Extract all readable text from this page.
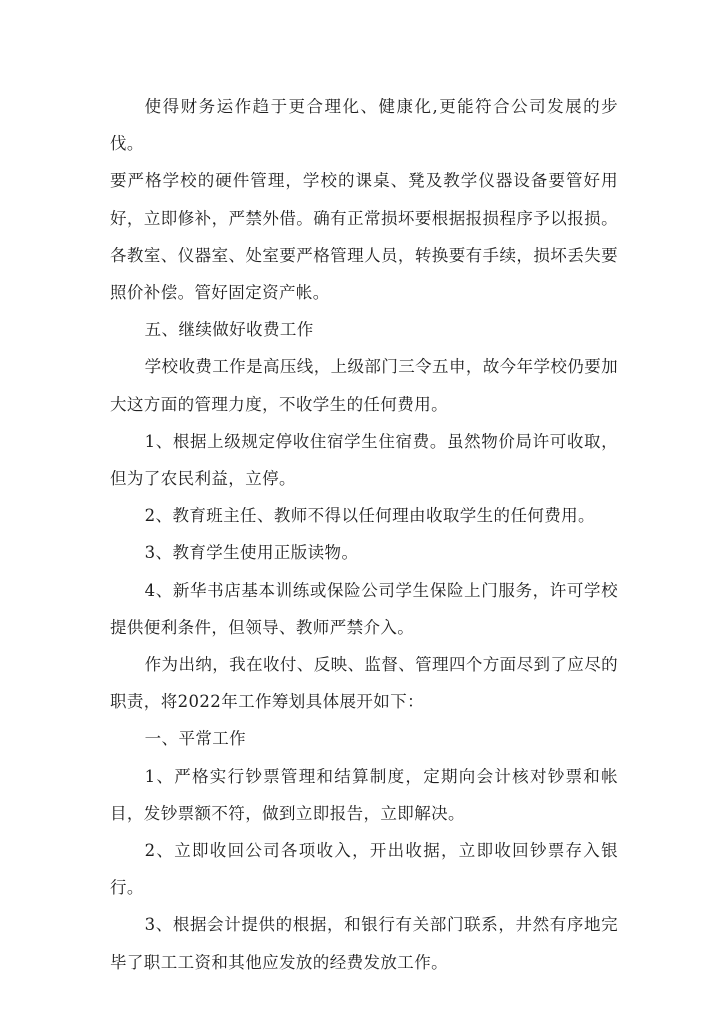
使得财务运作趋于更合理化、健康化,更能符合公司发展的步伐。

要严格学校的硬件管理，学校的课桌、凳及教学仪器设备要管好用好，立即修补，严禁外借。确有正常损坏要根据报损程序予以报损。各教室、仪器室、处室要严格管理人员，转换要有手续，损坏丢失要照价补偿。管好固定资产帐。

五、继续做好收费工作

学校收费工作是高压线，上级部门三令五申，故今年学校仍要加大这方面的管理力度，不收学生的任何费用。

1、根据上级规定停收住宿学生住宿费。虽然物价局许可收取，但为了农民利益，立停。

2、教育班主任、教师不得以任何理由收取学生的任何费用。

3、教育学生使用正版读物。

4、新华书店基本训练或保险公司学生保险上门服务，许可学校提供便利条件，但领导、教师严禁介入。

作为出纳，我在收付、反映、监督、管理四个方面尽到了应尽的职责，将2022年工作筹划具体展开如下：

一、平常工作

1、严格实行钞票管理和结算制度，定期向会计核对钞票和帐目，发钞票额不符，做到立即报告，立即解决。

2、立即收回公司各项收入，开出收据，立即收回钞票存入银行。

3、根据会计提供的根据，和银行有关部门联系，井然有序地完毕了职工工资和其他应发放的经费发放工作。
